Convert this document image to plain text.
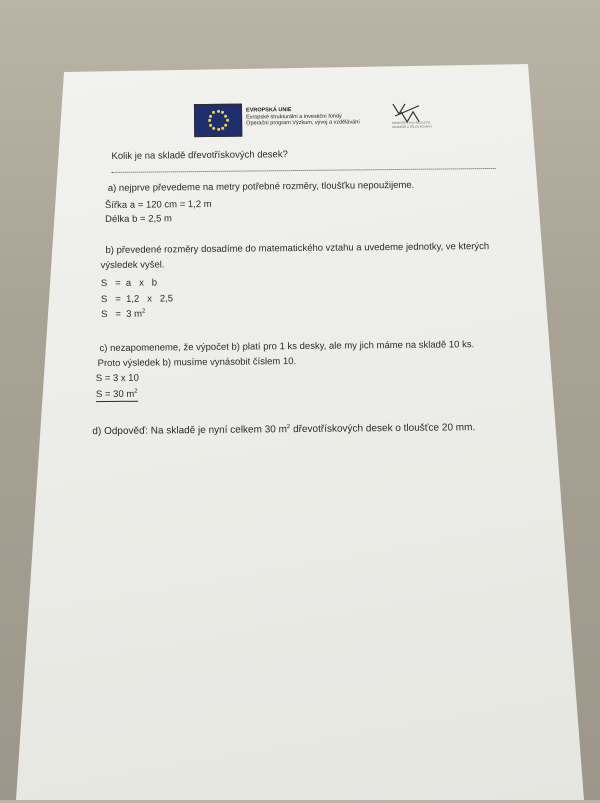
EVROPSKÁ UNIE
Evropské strukturální a investiční fondy
Operační program Výzkum, vývoj a vzdělávání	MINISTERSTVO ŠKOLSTVÍ, MLÁDEŽE A TĚLOVÝCHOVY
Kolik je na skladě dřevotřískových desek?
a) nejprve převedeme na metry potřebné rozměry, tloušťku nepoužijeme.
Šířka a = 120 cm = 1,2 m
Délka b = 2,5 m
b) převedené rozměry dosadíme do matematického vztahu a uvedeme jednotky, ve kterých
výsledek vyšel.
S   =  a   x   b
S   =  1,2   x   2,5
S   =  3 $m^2$
c) nezapomeneme, že výpočet b) platí pro 1 ks desky, ale my jich máme na skladě 10 ks.
Proto výsledek b) musíme vynásobit číslem 10.
S = 3 x 10
S = 30 $m^2$
d) Odpověď: Na skladě je nyní celkem 30 $m^2$ dřevotřískových desek o tloušťce 20 mm.
